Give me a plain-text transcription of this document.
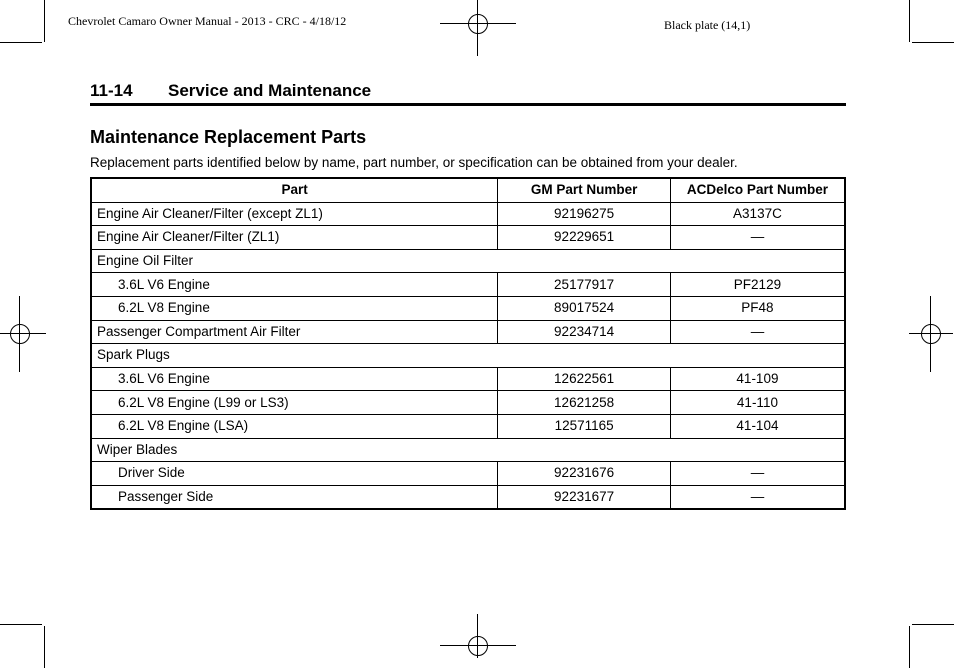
Chevrolet Camaro Owner Manual - 2013 - CRC - 4/18/12	Black plate (14,1)
11-14 Service and Maintenance
Maintenance Replacement Parts

Replacement parts identified below by name, part number, or specification can be obtained from your dealer.

Part	GM Part Number	ACDelco Part Number
Engine Air Cleaner/Filter (except ZL1)	92196275	A3137C
Engine Air Cleaner/Filter (ZL1)	92229651	—
Engine Oil Filter		
3.6L V6 Engine	25177917	PF2129
6.2L V8 Engine	89017524	PF48
Passenger Compartment Air Filter	92234714	—
Spark Plugs		
3.6L V6 Engine	12622561	41-109
6.2L V8 Engine (L99 or LS3)	12621258	41-110
6.2L V8 Engine (LSA)	12571165	41-104
Wiper Blades		
Driver Side	92231676	—
Passenger Side	92231677	—
